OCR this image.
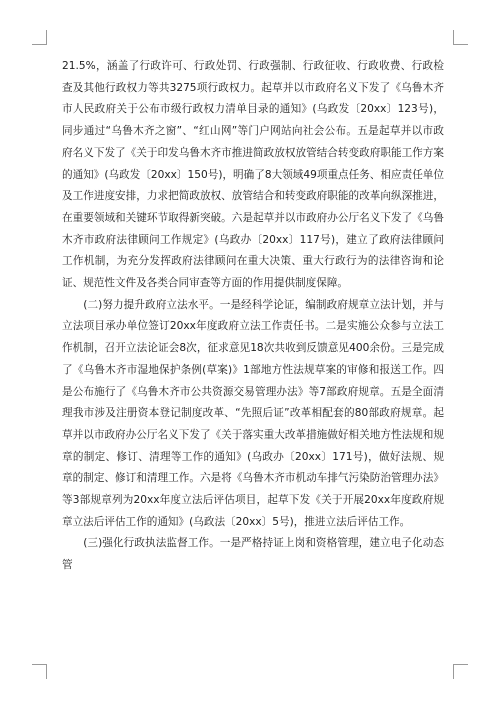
21.5%，涵盖了行政许可、行政处罚、行政强制、行政征收、行政收费、行政检查及其他行政权力等共3275项行政权力。起草并以市政府名义下发了《乌鲁木齐市人民政府关于公布市级行政权力清单目录的通知》(乌政发〔20xx〕123号)，同步通过“乌鲁木齐之窗”、“红山网”等门户网站向社会公布。五是起草并以市政府名义下发了《关于印发乌鲁木齐市推进简政放权放管结合转变政府职能工作方案的通知》(乌政发〔20xx〕150号)，明确了8大领域49项重点任务、相应责任单位及工作进度安排，力求把简政放权、放管结合和转变政府职能的改革向纵深推进，在重要领域和关键环节取得新突破。六是起草并以市政府办公厅名义下发了《乌鲁木齐市政府法律顾问工作规定》(乌政办〔20xx〕117号)，建立了政府法律顾问工作机制，为充分发挥政府法律顾问在重大决策、重大行政行为的法律咨询和论证、规范性文件及各类合同审查等方面的作用提供制度保障。

(二)努力提升政府立法水平。一是经科学论证，编制政府规章立法计划，并与立法项目承办单位签订20xx年度政府立法工作责任书。二是实施公众参与立法工作机制，召开立法论证会8次，征求意见18次共收到反馈意见400余份。三是完成了《乌鲁木齐市湿地保护条例(草案)》1部地方性法规草案的审修和报送工作。四是公布施行了《乌鲁木齐市公共资源交易管理办法》等7部政府规章。五是全面清理我市涉及注册资本登记制度改革、“先照后证”改革相配套的80部政府规章。起草并以市政府办公厅名义下发了《关于落实重大改革措施做好相关地方性法规和规章的制定、修订、清理等工作的通知》(乌政办〔20xx〕171号)，做好法规、规章的制定、修订和清理工作。六是将《乌鲁木齐市机动车排气污染防治管理办法》等3部规章列为20xx年度立法后评估项目，起草下发《关于开展20xx年度政府规章立法后评估工作的通知》(乌政法〔20xx〕5号)，推进立法后评估工作。

(三)强化行政执法监督工作。一是严格持证上岗和资格管理，建立电子化动态管
